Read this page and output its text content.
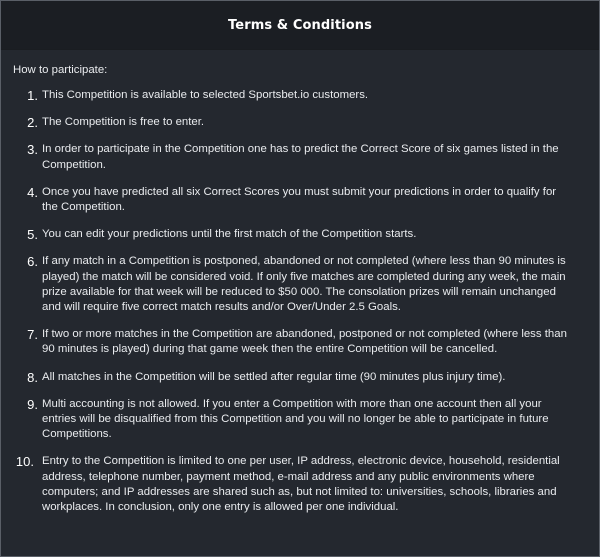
Terms & Conditions

How to participate:

1. This Competition is available to selected Sportsbet.io customers.
2. The Competition is free to enter.
3. In order to participate in the Competition one has to predict the Correct Score of six games listed in the Competition.
4. Once you have predicted all six Correct Scores you must submit your predictions in order to qualify for the Competition.
5. You can edit your predictions until the first match of the Competition starts.
6. If any match in a Competition is postponed, abandoned or not completed (where less than 90 minutes is played) the match will be considered void. If only five matches are completed during any week, the main prize available for that week will be reduced to $50 000. The consolation prizes will remain unchanged and will require five correct match results and/or Over/Under 2.5 Goals.
7. If two or more matches in the Competition are abandoned, postponed or not completed (where less than 90 minutes is played) during that game week then the entire Competition will be cancelled.
8. All matches in the Competition will be settled after regular time (90 minutes plus injury time).
9. Multi accounting is not allowed. If you enter a Competition with more than one account then all your entries will be disqualified from this Competition and you will no longer be able to participate in future Competitions.
10. Entry to the Competition is limited to one per user, IP address, electronic device, household, residential address, telephone number, payment method, e-mail address and any public environments where computers; and IP addresses are shared such as, but not limited to: universities, schools, libraries and workplaces. In conclusion, only one entry is allowed per one individual.
